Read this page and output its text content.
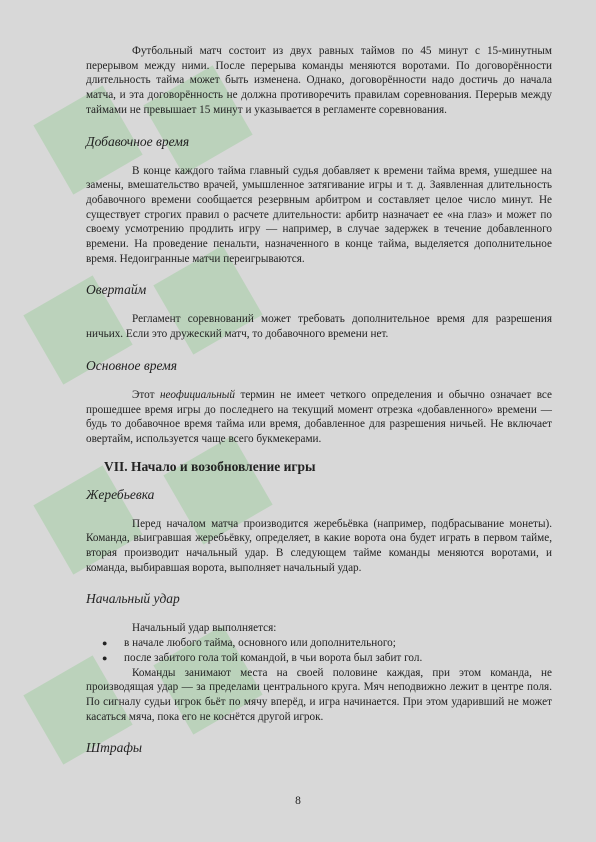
Футбольный матч состоит из двух равных таймов по 45 минут с 15-минутным перерывом между ними. После перерыва команды меняются воротами. По договорённости длительность тайма может быть изменена. Однако, договорённости надо достичь до начала матча, и эта договорённость не должна противоречить правилам соревнования. Перерыв между таймами не превышает 15 минут и указывается в регламенте соревнования.

Добавочное время

В конце каждого тайма главный судья добавляет к времени тайма время, ушедшее на замены, вмешательство врачей, умышленное затягивание игры и т. д. Заявленная длительность добавочного времени сообщается резервным арбитром и составляет целое число минут. Не существует строгих правил о расчете длительности: арбитр назначает ее «на глаз» и может по своему усмотрению продлить игру — например, в случае задержек в течение добавленного времени. На проведение пенальти, назначенного в конце тайма, выделяется дополнительное время. Недоигранные матчи переигрываются.

Овертайм

Регламент соревнований может требовать дополнительное время для разрешения ничьих. Если это дружеский матч, то добавочного времени нет.

Основное время

Этот неофициальный термин не имеет четкого определения и обычно означает все прошедшее время игры до последнего на текущий момент отрезка «добавленного» времени — будь то добавочное время тайма или время, добавленное для разрешения ничьей. Не включает овертайм, используется чаще всего букмекерами.

VII. Начало и возобновление игры
Жеребьевка

Перед началом матча производится жеребьёвка (например, подбрасывание монеты). Команда, выигравшая жеребьёвку, определяет, в какие ворота она будет играть в первом тайме, вторая производит начальный удар. В следующем тайме команды меняются воротами, и команда, выбиравшая ворота, выполняет начальный удар.

Начальный удар

Начальный удар выполняется:

● в начале любого тайма, основного или дополнительного;
● после забитого гола той командой, в чьи ворота был забит гол.

Команды занимают места на своей половине каждая, при этом команда, не производящая удар — за пределами центрального круга. Мяч неподвижно лежит в центре поля. По сигналу судьи игрок бьёт по мячу вперёд, и игра начинается. При этом ударивший не может касаться мяча, пока его не коснётся другой игрок.

Штрафы
8
